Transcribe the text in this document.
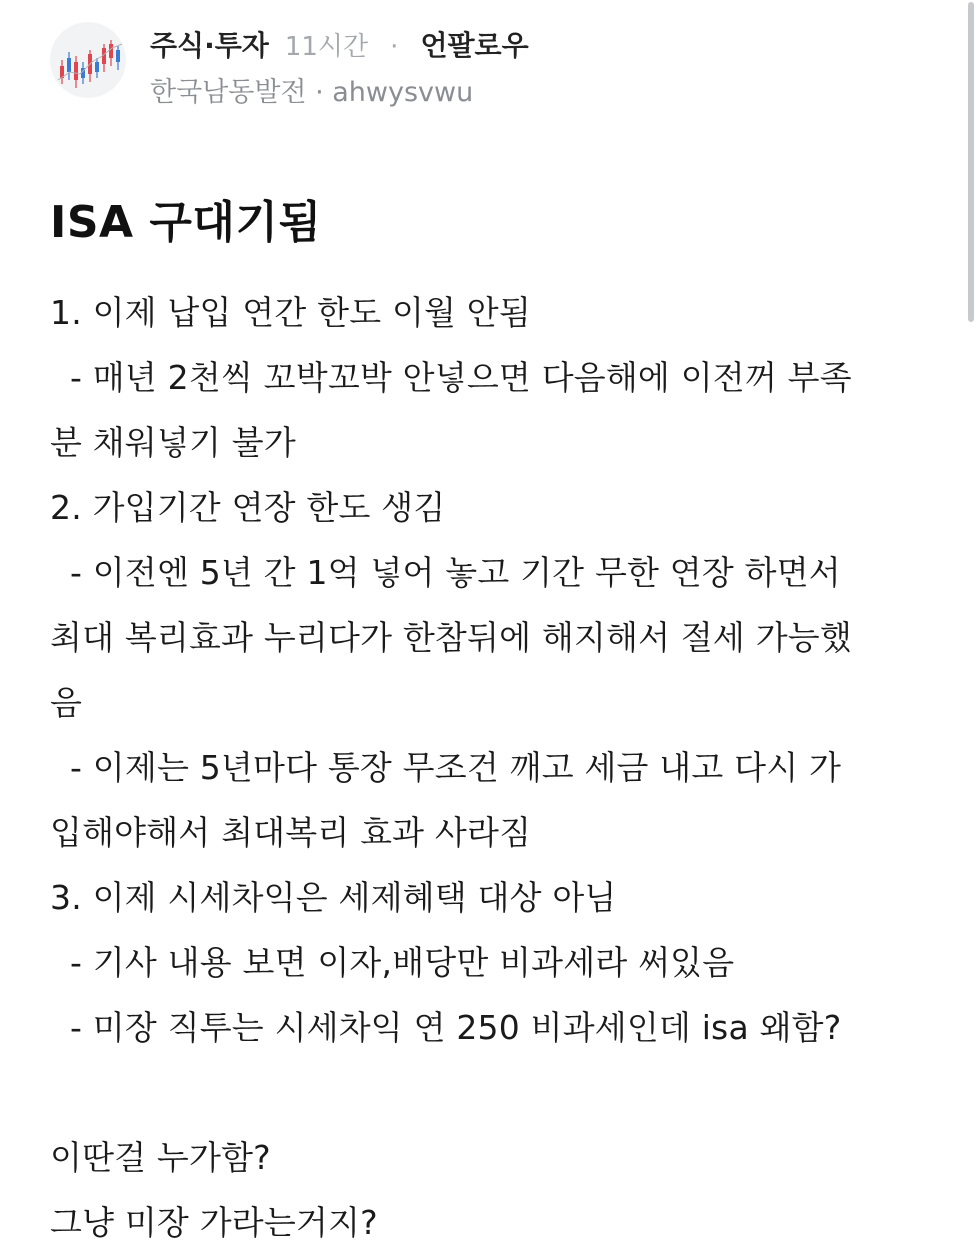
주식·투자 11시간 · 언팔로우
한국남동발전 · ahwysvwu
ISA 구대기됨
1. 이제 납입 연간 한도 이월 안됨
- 매년 2천씩 꼬박꼬박 안넣으면 다음해에 이전꺼 부족
분 채워넣기 불가
2. 가입기간 연장 한도 생김
- 이전엔 5년 간 1억 넣어 놓고 기간 무한 연장 하면서
최대 복리효과 누리다가 한참뒤에 해지해서 절세 가능했
음
- 이제는 5년마다 통장 무조건 깨고 세금 내고 다시 가
입해야해서 최대복리 효과 사라짐
3. 이제 시세차익은 세제혜택 대상 아님
- 기사 내용 보면 이자,배당만 비과세라 써있음
- 미장 직투는 시세차익 연 250 비과세인데 isa 왜함?
이딴걸 누가함?
그냥 미장 가라는거지?
